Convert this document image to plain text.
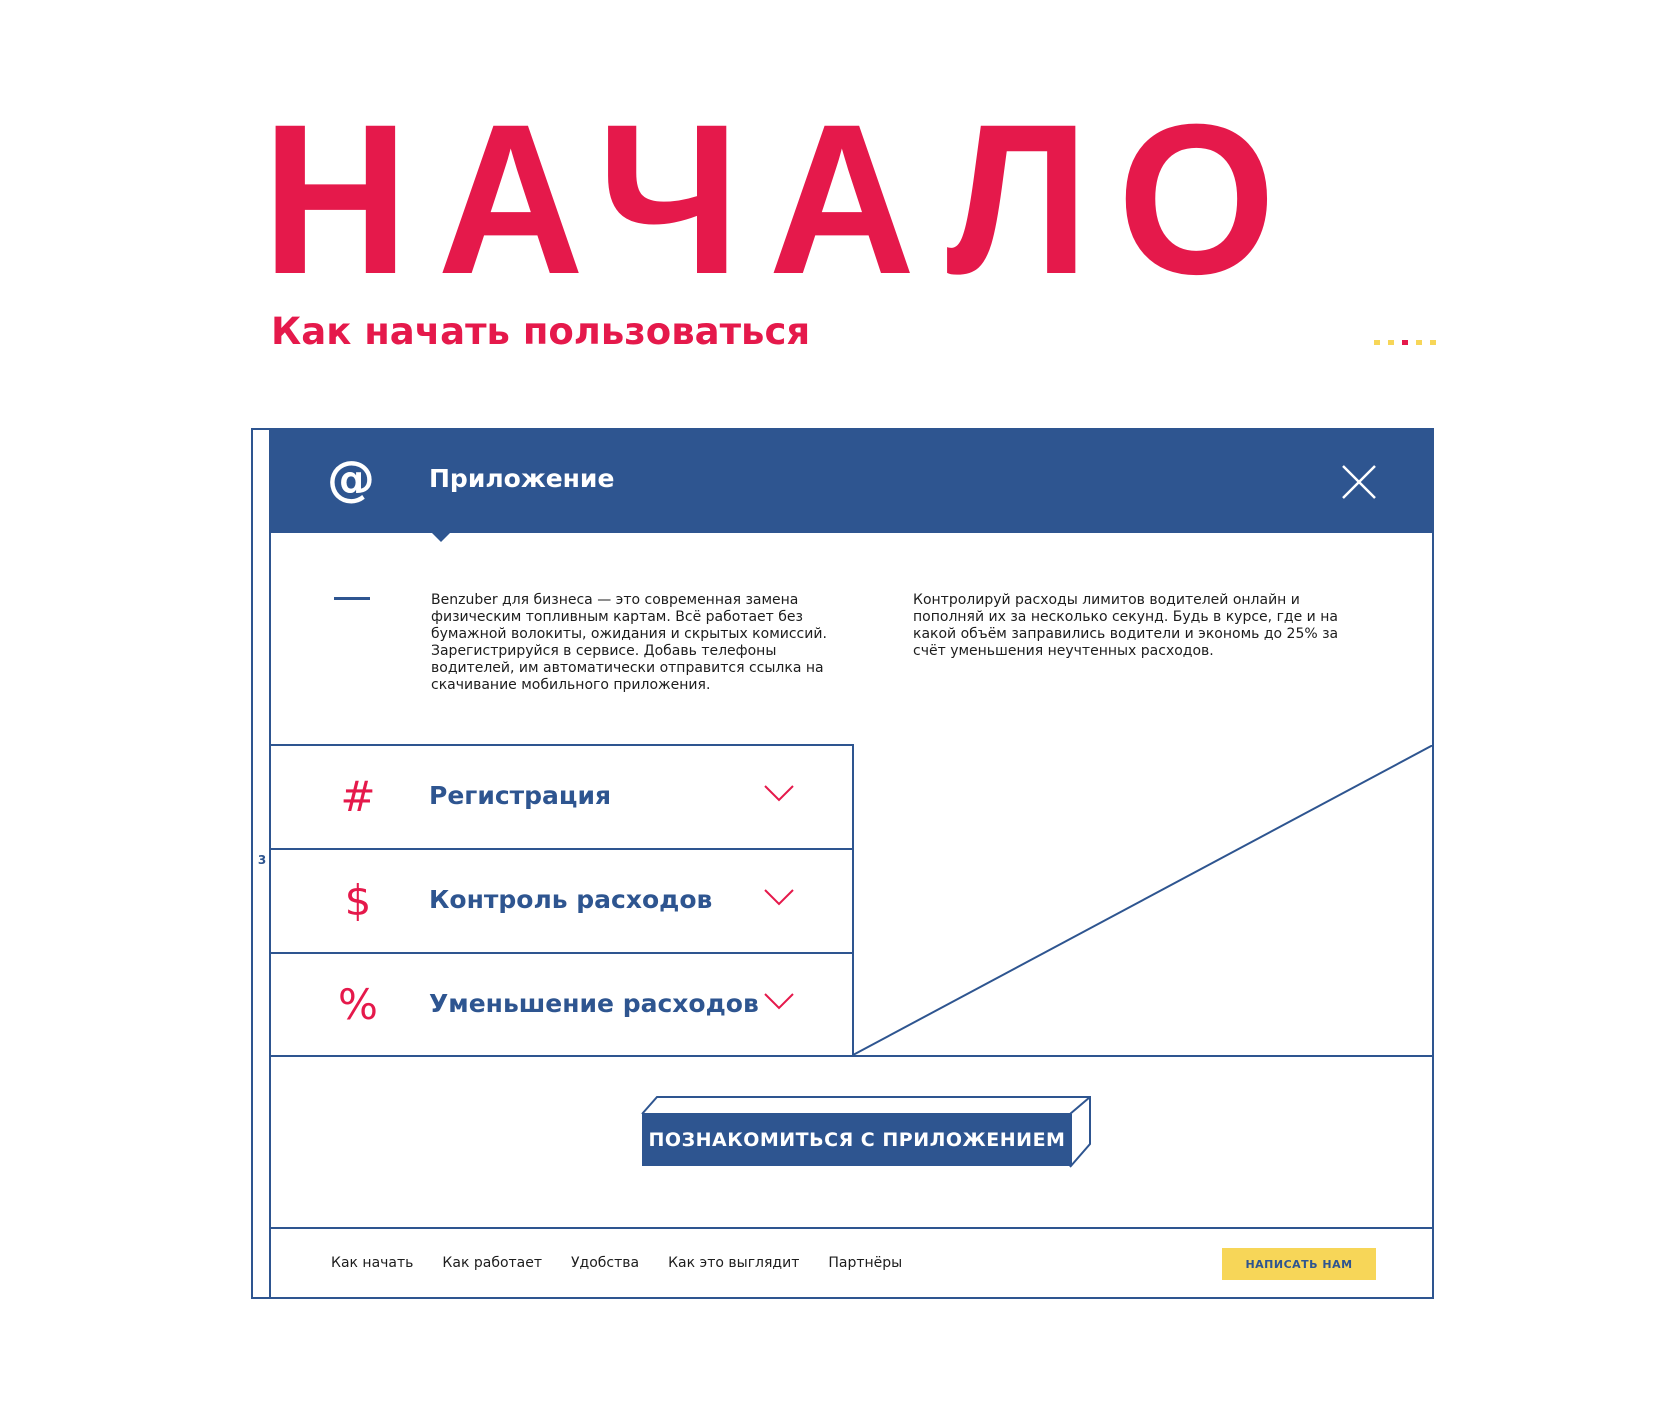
НАЧАЛО
Как начать пользоваться
3
@ Приложение
Benzuber для бизнеса — это современная замена физическим топливным картам. Всё работает без бумажной волокиты, ожидания и скрытых комиссий. Зарегистрируйся в сервисе. Добавь телефоны водителей, им автоматически отправится ссылка на скачивание мобильного приложения.
Контролируй расходы лимитов водителей онлайн и пополняй их за несколько секунд. Будь в курсе, где и на какой объём заправились водители и экономь до 25% за счёт уменьшения неучтенных расходов.
# Регистрация
$	Контроль расходов
% Уменьшение расходов
ПОЗНАКОМИТЬСЯ С ПРИЛОЖЕНИЕМ
Как начать Как работает Удобства Как это выглядит Партнёры	НАПИСАТЬ НАМ
